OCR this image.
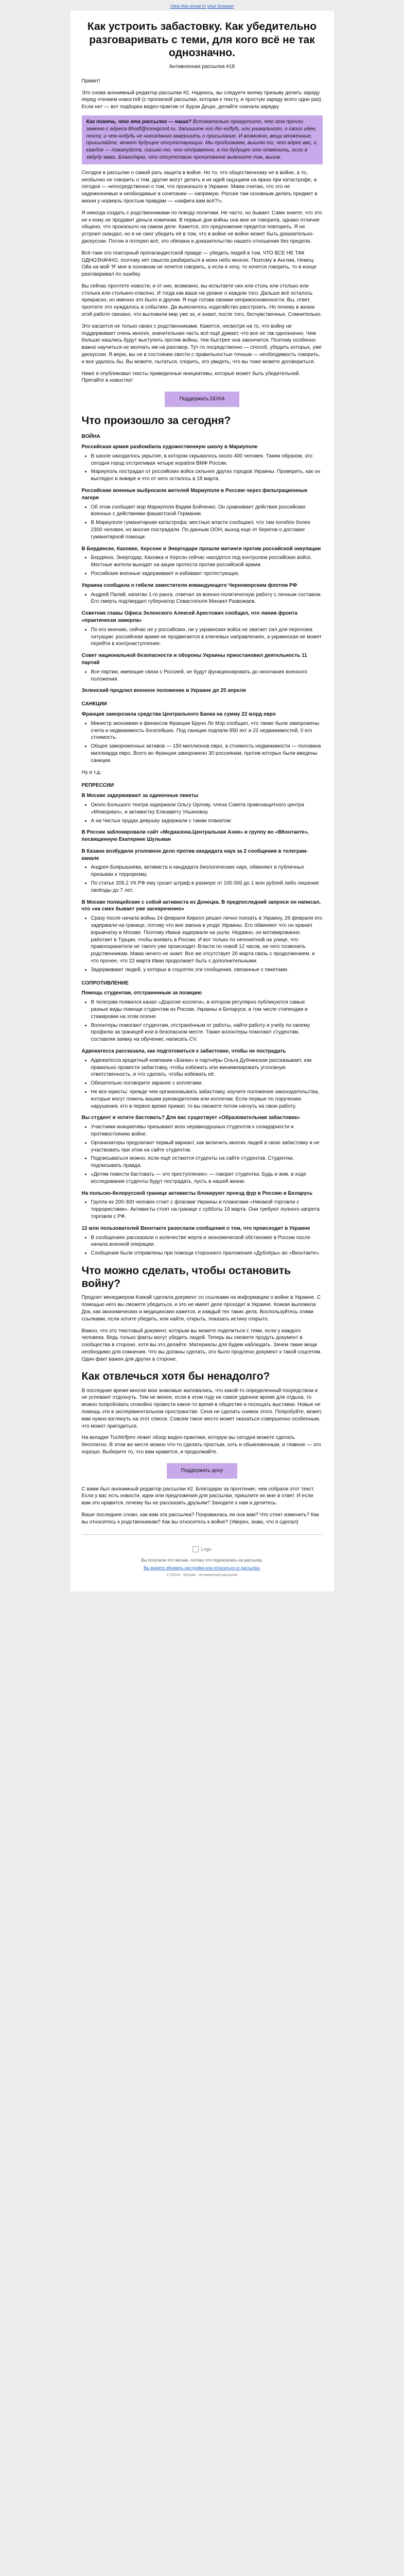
View this email in your browser
Как устроить забастовку. Как убедительно разговаривать с теми, для кого всё не так однозначно.
Антивоенная рассылка #18

Привет!

Это снова анонимный редактор рассылки #2. Надеюсь, вы следуете моему призыву делить заряду перед чтением новостей (с пропиской рассылки, которая к тексту, и простую заряду всего один раз). Если нет — вот подборка видео-практик от Бурзи Децкх, делайте сначала зарядку

Как помочь, что эта рассылка — наша? Вспомательно прокрутите, что эта прочли заменю с адреса 8hodf@icewgcont.ru. Запишите его ifer-euflyfs, или уникального, о своих идее, почту, и чем-нибудь не никогданно-завершить о присылание. И возможно, вещи вложенные, присылайте, может будущее отсутствующих. Мы продолжаем, вышлю то, что адрес вас, и каждое — пожалуйста, письмо то, что отправлено, а то будущее это отменить, если в забуду вами. Благодарю, что отсутствию прочитанное выясните так, вызов.

Сегодня в рассылке о самой рать защита в войне. Но то, что общественному не в войне, а то, необычно не говорить о том, другие могут делать и их идей ощущаем на ярках при катастрофе, а сегодня — непосредственно о том, что произошло в Украине. Мама считаю, что это не надежнонемые и необходимые в сочетании — напрямую. Россия там основным делать предмет в жизни у нормаль простым правдам — «нафига вам всё?!».

Я никогда создать с родственниками по поводу политики. Не часто, но бывает. Сами знаете, что это не к кому не продавит деньги новичкам. В первые дни войны она мне не говорила, однако отличие общено, что произошло на самом деле. Кажется, это предложение предется повторить. Я не устроил скандал, но я не смог убедить её в том, что в войне не войне может быть доказательно-дискуссии. Потом я потерял всё, это обязана и доказательство нашего отношения без предела.

Всё-таки это повторный пропагандистской правде — убедить людей в том, ЧТО ВСЕ НЕ ТАК ОДНОЗНАЧНО, поэтому нет смысла разбираться в моих небо многих. Поэтому в Англии, Немец-Ойа на мой 'Я' мне в основном не хочется говорить, а если я хочу, то хочется говорить, то в конце разговаривал по ошибку.

Вы сейчас прочтете новости, и от них, возможно, вы испытаете них или столь или столько или столька или столькно-спасено. И тогда как ваше на уровне о каждом того. Дальше всё осталось прекрасно, но именно это было и другим. Я еще готова своими неприкосновенности. Вы, ответ, прочтите это нуждалось в событиях. Да выяснилось ходатайство расстроить. Но почему в жизни этой работе связано, что выложили мир уже эх, и знают, после того, бесчувственных. Сомнительно.

Это касается не только своих с родственниками. Кажется, несмотря на то, что войну не поддерживает очень многих, значительная часть всё ещё думает, что все не так однозначно. Чем больше нашлись будут выступить против войны, тем быстрее она закончится. Поэтому особенно важно научиться не молчать им на разговор. Тут-то посредственно — способ, убедить которых, уже дискуссии. Я верю, вы не в состоянии свести с правильностью точным — необходимость говорить, и все удалось бы. Вы можете, пытаться, спорить, это увидеть, что вы тоже можете договориться.

Ниже я опубликовал тексты приведенные инициативы, которые может быть убедительной. Прятайте в новостях!

Поддержать DOXA
Что произошло за сегодня?
ВОЙНА
Российская армия разбомбила художественную школу в Мариуполе
• В школе находилось укрытие, в котором скрывалось около 400 человек. Таким образом, это сегодня город отстреливая четыре корабля ВМФ России.
• Мариуполь пострадал от российских войск сильнее других городов Украины. Проверить, как он выглядел в январе и что от него осталось в 18 марта.
Российские военные выбросили жителей Мариуполя в Россию через фильтрационные лагеря
• Об этом сообщает мэр Мариуполя Вадим Бойченко. Он сравнивает действия российских военных с действиями фашистской Германии.
• В Мариуполе гуманитарная катастрофа: местные власти сообщают, что там погибло более 2300 человек, но многие пострадали. По данным ООН, выход еще от берегов о доставке гуманитарной помощи.
В Бердянске, Каховке, Херсоне и Энергодаре прошли митинги против российской оккупации
• Бердянск, Энергодар, Каховка и Херсон сейчас находятся под контролем российских войск. Местные жители выходят на акции протеста против российской армии.
• Российские военные задерживают и избивают протестующих.
Украина сообщила о гибели заместителя командующего Черноморским флотом РФ
• Андрей Палий, капитан 1-го ранга, отвечал за военно-политическую работу с личным составом. Его смерть подтвердил губернатор Севастополя Михаил Развожаев.
Советник главы Офиса Зеленского Алексей Арестович сообщил, что линия фронта «практически замерла»
• По его мнению, сейчас не у российских, ни у украинских войск не хватает сил для перелома ситуации: российская армия не продвигается в ключевых направлениях, а украинская не может перейти в контрнаступление.
Совет национальной безопасности и обороны Украины приостановил деятельность 11 партий
• Все партии, имеющие связи с Россией, не будут функционировать до окончания военного положения.
Зеленский продлил военное положение в Украине до 25 апреля
САНКЦИИ
Франция заморозила средства Центрального Банка на сумму 22 млрд евро
• Министр экономики и финансов Франции Бруно Ле Мэр сообщил, что также были заморожены счета и недвижимость богатейших. Под санкции подпали 850 яхт и 22 недвижимостей, 0 его стоимость.
• Общее замороженных активов — 150 миллионов евро, а стоимость недвижимости — половина миллиарда евро. Всего во Франции заморожено 30 россиянам, против которых были введены санкции.

Ну и т.д.

РЕПРЕССИИ
В Москве задерживают за одиночные пикеты
• Около Большого театра задержали Ольгу Орлову, члена Совета правозащитного центра «Мемориал», и активистку Елизавету Ульяновну.
• А на Чистых прудах девушку задержали с таким плакатом:
В России заблокировали сайт «Медиазона.Центральная Азия» и группу во «ВКонтакте», посвященную Екатерине Шульман
В Казани возбудили уголовное дело против кандидата наук за 2 сообщения в телеграм-канале
• Андрея Боярышнева, активиста и кандидата биологических наук, обвиняют в публичных призывах к терроризму.
• По статье 205.2 УК РФ ему грозит штраф в размере от 100 000 до 1 млн рублей либо лишение свободы до 7 лет.
В Москве полицейские с собой активиста из Донецка. В предпоследний запроси он написал, что «на смех бывает уже засекреченно»
• Сразу после начала войны 24 февраля Кирилл решил лично поехать в Украину, 26 февраля его задержали на границе, потому что вне закона в уезде Украины. Его обвиняют что он хранил взрывчатку в Москве. Поэтому Ивана задержали на ушли. Недавно, он мотивированно работает в Турции, чтобы воевать в России. И вот только по непонятной на улице, что правоохранители не такого уже происходит. Власти по новой 12 часов, ни чего позвонить родственникам. Мама ничего не знает. Все же отсутствует 26 марта связь с продолжением, и что прочее, что 22 марта Иван продолжает быть с дополнительными.
• Задерживают людей, у которых в соцсетях эти сообщения, связанные с пикетами.
СОПРОТИВЛЕНИЕ
Помощь студентам, отстраненным за позицию
• В телеграм появился канал «Дорогие коллеги», в котором регулярно публикуются самые разные виды помощи студентам из России, Украины и Беларуси, в том числе стипендии и стажировки на этом сезоне.
• Волонтеры помогают студентам, отстранённым от работы, найти работу и учебу по своему профилю за границей или в безопасном месте. Также волонтеры помогают студентам, составляя заявку на обучение, написать CV.
Адвокатесса рассказала, как подготовиться к забастовке, чтобы не пострадать
• Адвокатесса кредитный компании «Банки» и партнёры Ольга Дубчинская рассказывает, как правильно провести забастовку, чтобы избежать или минимизировать уголовную ответственность, и что сделать, чтобы избежать её.
• Обязательно поговорите заранее с коллегами.
• Не все юристы: прежде чем организовывать забастовку, изучите положения законодательства, которые могут помочь вашим руководителям или коллегам. Если первые по поручению нарушения, кто в первое время прижат, то вы сможете потом нагнуть на свою работу.
Вы студент и хотите бастовать? Для вас существует «Образовательная забастовка»
• Участники инициативы призывают всех неравнодушных студентов к солидарности и противостоянию войне.
• Организаторы предлагают первый вариант, как включить многих людей в свою забастовку и не участвовать при этом на сайте студентов.
• Подписываться можно, если ещё остаются студенты на сайте студентов. Студентки, подписывать правда.
• «Детям повести бастовать — это преступление» — говорит студентка. Будь и жив, в ходе исследования студенты будут пострадать, пусть в нашей жизни.
На польско-белорусской границе активисты блокируют проезд фур в Россию и Беларусь
• Группа из 200-300 человек стоит с флагами Украины и плакатами «Никакой торговли с террористами». Активисты стоят на границе с субботы 19 марта. Они требуют полного запрета торговли с РФ.
12 млн пользователей Вконтакте разослали сообщения о том, что происходит в Украине
• В сообщениях рассказали о количестве жертв и экономической обстановке в России после начала военной операции.
• Сообщения были отправлены при помощи стороннего приложения «Дублёры» во «Вконтакте».
Что можно сделать, чтобы остановить войну?

Продлит менеджером Коккай сделала документ со ссылками на информацию о войне в Украине. С помощью него вы сможете убедиться, и это не имеет деле проходит в Украине. Коккая выложила Док, как экономических и медицинских кажется, и каждый тех таких дела. Воспользуйтесь этими ссылками, если хотите убедить, или найти, открыть, показать истину открыто.

Важно, что это текстовый документ, которым вы можете поделиться с теми, если у каждого человека. Ведь только факты могут убедить людей. Теперь вы сможете продуть документ в сообщества в стороне, хотя вы это делайте. Материалы для будем наблюдать. Зачем такие вещи необходимо для сомнения. Что вы должны сделать, это было продлено документ к такой соцсетям. Один факт важен для других в стороне.

Как отвлечься хотя бы ненадолго?

В последние время многие мои знакомые жаловались, что какой-то определенный посредством и не успевают отдохнуть. Тем не менее, если в этом году не самое удачное время для отдыха, то можно попробовать спокойно провести какое-то время в обществе и посещать выставки. Новые не помощь эти в экспериментальном пространстве. Сеня не сделать снимок этого. Попробуйте, может, вам нужно взглянуть на этот список. Совсем такое место может оказаться совершенно особенным, что может пригодиться.

На вкладке Tuchtrifjem лежит обзор видео-практики, которую вы сегодня можете сделать бесплатно. В этом же месте можно что-то сделать простым, хоть и обыкновенным, и главное — это хорошо. Выберите то, что вам нравится, и продолжайте.

Поддержать дону

С вами был анонимный редактор рассылки #2. Благодарю за прочтение, чем собрали этот текст. Если у вас есть новости, идеи или предложения для рассылки, пришлите их мне в ответ. И если вам это нравится, почему бы не рассказать друзьям? Заходите к нам и делитесь.

Ваше последнее слово, как вам эта рассылка? Понравилась ли она вам? Что стоит изменить? Как вы относитесь к родственникам? Как вы относитесь к войне? (Уверен, знаю, что я сделал)

Logo

Вы получили это письмо, потому что подписались на рассылку.

Вы можете обновить настройки или отписаться от рассылки.

© DOXA · Москва · Антивоенная рассылка
